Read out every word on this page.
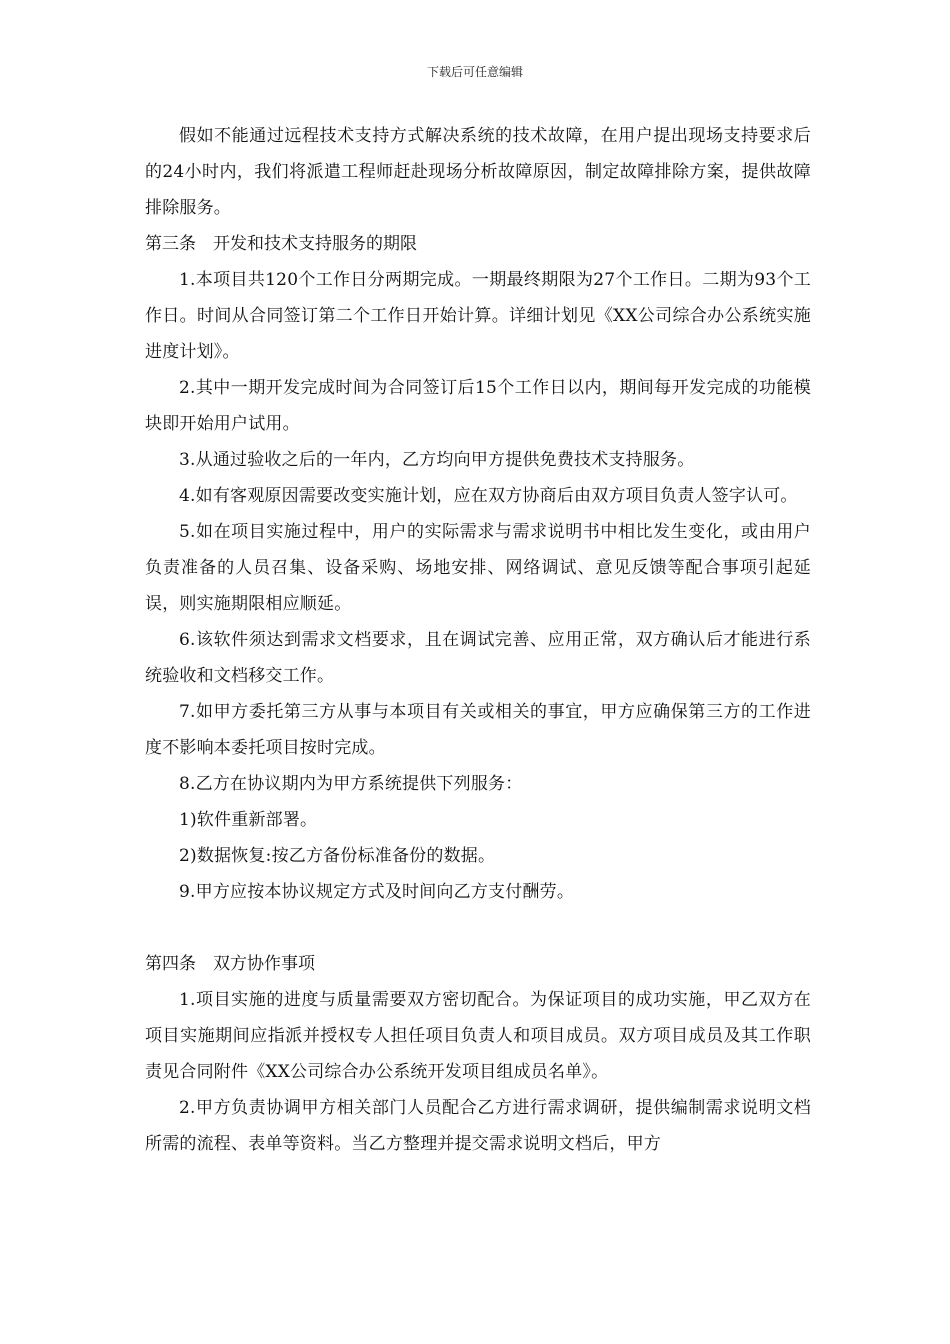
下载后可任意编辑

假如不能通过远程技术支持方式解决系统的技术故障，在用户提出现场支持要求后的24小时内，我们将派遣工程师赶赴现场分析故障原因，制定故障排除方案，提供故障排除服务。

第三条　开发和技术支持服务的期限

1.本项目共120个工作日分两期完成。一期最终期限为27个工作日。二期为93个工作日。时间从合同签订第二个工作日开始计算。详细计划见《XX公司综合办公系统实施进度计划》。

2.其中一期开发完成时间为合同签订后15个工作日以内，期间每开发完成的功能模块即开始用户试用。

3.从通过验收之后的一年内，乙方均向甲方提供免费技术支持服务。

4.如有客观原因需要改变实施计划，应在双方协商后由双方项目负责人签字认可。

5.如在项目实施过程中，用户的实际需求与需求说明书中相比发生变化，或由用户负责准备的人员召集、设备采购、场地安排、网络调试、意见反馈等配合事项引起延误，则实施期限相应顺延。

6.该软件须达到需求文档要求，且在调试完善、应用正常，双方确认后才能进行系统验收和文档移交工作。

7.如甲方委托第三方从事与本项目有关或相关的事宜，甲方应确保第三方的工作进度不影响本委托项目按时完成。

8.乙方在协议期内为甲方系统提供下列服务：

1)软件重新部署。

2)数据恢复:按乙方备份标准备份的数据。

9.甲方应按本协议规定方式及时间向乙方支付酬劳。

第四条　双方协作事项

1.项目实施的进度与质量需要双方密切配合。为保证项目的成功实施，甲乙双方在项目实施期间应指派并授权专人担任项目负责人和项目成员。双方项目成员及其工作职责见合同附件《XX公司综合办公系统开发项目组成员名单》。

2.甲方负责协调甲方相关部门人员配合乙方进行需求调研，提供编制需求说明文档所需的流程、表单等资料。当乙方整理并提交需求说明文档后，甲方
